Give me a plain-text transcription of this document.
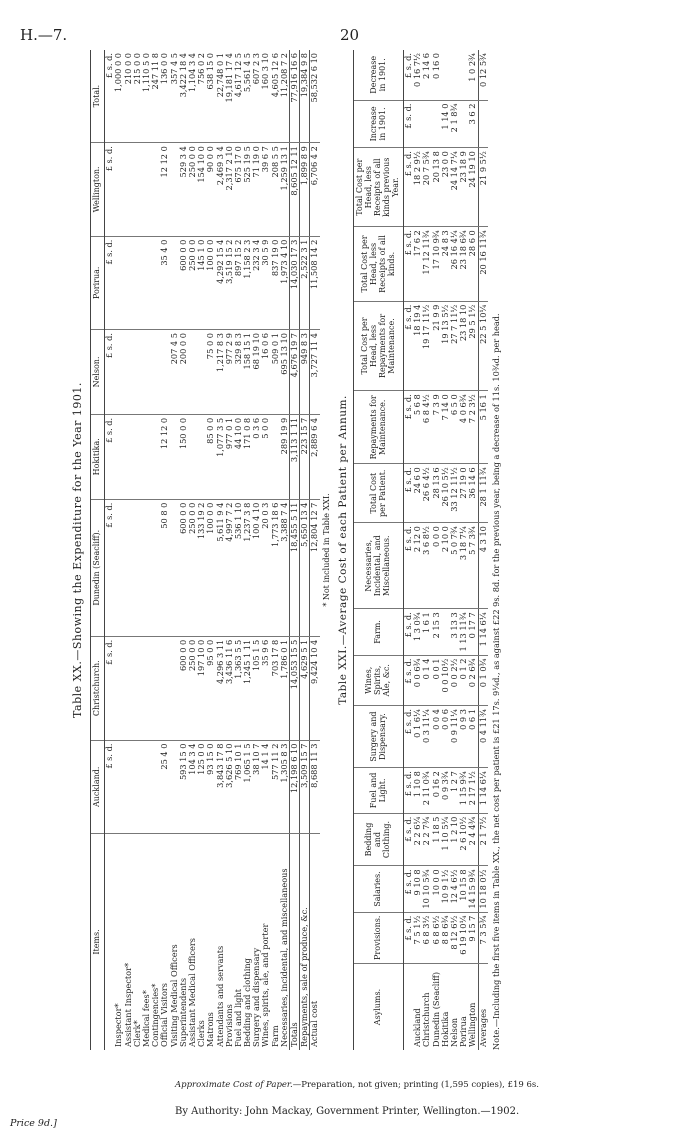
H.—7.	20
Table XX.—Showing the Expenditure for the Year 1901.
Items.	Auckland.	Christchurch.	Dunedin (Seacliff).	Hokitika.	Nelson.	Porirua.	Wellington.	Total.
	£ s. d.	£ s. d.	£ s. d.	£ s. d.	£ s. d.	£ s. d.	£ s. d.	£ s. d.
Inspector*								1,000 0 0
Assistant Inspector*								210 0 0
Clerk*								215 0 0
Medical fees*								1,110 5 0
Contingencies*								247 11 8
Official Visitors	25 4 0		50 8 0	12 12 0		35 4 0	12 12 0	136 0 0
Visiting Medical Officers					207 4 5			357 4 5
Superintendents	593 15 0	600 0 0	600 0 0	150 0 0	200 0 0	600 0 0	529 3 4	3,422 18 4
Assistant Medical Officers	104 3 4	250 0 0	250 0 0			250 0 0	250 0 0	1,104 3 4
Clerks	125 0 0	197 10 0	133 19 2			145 1 0	154 10 0	756 0 2
Matrons	93 15 0	95 0 0	100 0 0	85 0 0	75 0 0	100 0 0	90 0 0	638 15 0
Attendants and servants	3,843 17 8	4,296 3 11	5,611 9 4	1,077 3 5	1,217 8 3	4,292 15 4	2,469 3 4	22,748 0 1
Provisions	3,626 5 10	3,436 11 6	4,997 7 2	977 0 1	977 2 9	3,519 15 2	2,317 2 10	19,181 17 4
Fuel and light	769 10 1	1,363 5 5	536 1 10	44 10 0	329 8 3	897 15 2	675 17 0	4,617 12 5
Bedding and clothing	1,065 1 5	1,245 1 11	1,237 3 8	171 0 8	158 15 1	1,158 2 3	525 19 5	5,561 4 5
Surgery and dispensary	38 10 7	105 1 5	100 4 10	0 3 6	68 19 10	232 3 4	71 19 0	607 2 3
Wines, spirits, ale, and porter	14 1 4	35 9 6	20 0 3	5 0 0	16 0 6	30 5 9	39 6 7	160 3 10
Farm	577 11 2	703 17 8	1,773 18 6		509 0 1	837 19 0	208 5 5	4,605 12 6
Necessaries, incidental, and miscellaneous	1,305 8 3	1,786 0 1	3,388 7 4	289 19 9	695 13 10	1,973 4 10	1,259 13 1	11,208 7 2
Totals	12,198 6 10	14,053 15 5	18,455 5 11	3,113 1 11	4,676 19 7	14,030 17 3	8,605 12 11	77,916 16 6
Repayments, sale of produce, &c.	3,509 15 7	4,629 5 1	5,650 13 4	223 15 7	949 8 3	2,522 3 1	1,899 8 9	19,384 9 8
Actual cost	8,688 11 3	9,424 10 4	12,804 12 7	2,889 6 4	3,727 11 4	11,508 14 2	6,706 4 2	58,532 6 10
* Not included in Table XXI. Table XXI.—Average Cost of each Patient per Annum.
Asylums.	Provisions.	Salaries.	Bedding and Clothing.	Fuel and Light.	Surgery and Dispensary.	Wines, Spirits, Ale, &c.	Farm.	Necessaries, Incidental, and Miscellaneous.	Total Cost per Patient.	Repayments for Maintenance.	Total Cost per Head, less Repayments for Maintenance.	Total Cost per Head, less Receipts of all kinds.	Total Cost per Head, less Receipts of all kinds previous Year.	Increase in 1901.	Decrease in 1901.
	£ s. d.	£ s. d.	£ s. d.	£ s. d.	£ s. d.	£ s. d.	£ s. d.	£ s. d.	£ s. d.	£ s. d.	£ s. d.	£ s. d.	£ s. d.	£ s. d.	£ s. d.
Auckland	7 5 1½	9 10 8	2 2 6¼	1 10 8	0 1 6¼	0 0 6¾	1 3 0¾	2 12 0	24 6 0	5 6 8	18 19 4	17 6 2	18 2 9½		0 16 7½
Christchurch	6 8 3½	10 10 5¾	2 2 7¾	2 11 0¾	0 3 11¼	0 1 4	1 6 1	3 6 8½	26 6 4½	6 8 4½	19 17 11½	17 12 11¾	20 7 5¾		2 14 6
Dunedin (Seacliff)	6 8 6½	10 0 0	1 18 5	0 16 2	0 0 4	0 0 1	2 15 3	0 0 0	28 13 6	7 3 9	21 9 9	17 10 9¾	20 13 8		0 16 0
Hokitika	8 8 6¾	10 9 1½	1 10 5¼	0 9 3¾	0 0 6	0 0 10½		2 10 0	26 10 5½	7 14 0	19 13 5½	24 8 3	23 0 0	1 14 0	
Nelson	8 12 6½	12 4 6½	1 2 10	1 2 7	0 9 11¼	0 0 2½	3 13 3	5 0 7¾	33 12 11½	6 5 0	27 7 11½	26 16 4¼	24 14 7¼	2 1 8¾	
Porirua	6 19 10¼	10 15 8	2 6 10½	1 15 9¾	0 9 3	0 1 2	1 13 11¾	3 18 7¼	27 19 0	4 0 6¾	23 18 10	23 18 6¾	23 18 9		
Wellington	9 15 7	14 15 9¾	2 4 4¾	2 17 1½	0 6 1	0 2 6¾	0 17 7	5 7 3¾	36 14 6	7 2 3½	29 5 1½	28 6 0	24 19 10	3 6 2	1 0 2¾
Averages	7 3 5¾	10 18 0½	2 1 7½	1 14 6¼	0 4 11¾	0 1 0¾	1 14 6¼	4 3 10	28 1 11¾	5 16 1	22 5 10¼	20 16 11¾	21 9 5½		0 12 5¾
Note.—Including the first five items in Table XX., the net cost per patient is £21 17s. 9¼d., as against £22 9s. 8d. for the previous year, being a decrease of 11s. 10¾d. per head.
Approximate Cost of Paper.—Preparation, not given; printing (1,595 copies), £19 6s.
By Authority: John Mackay, Government Printer, Wellington.—1902.
Price 9d.]
